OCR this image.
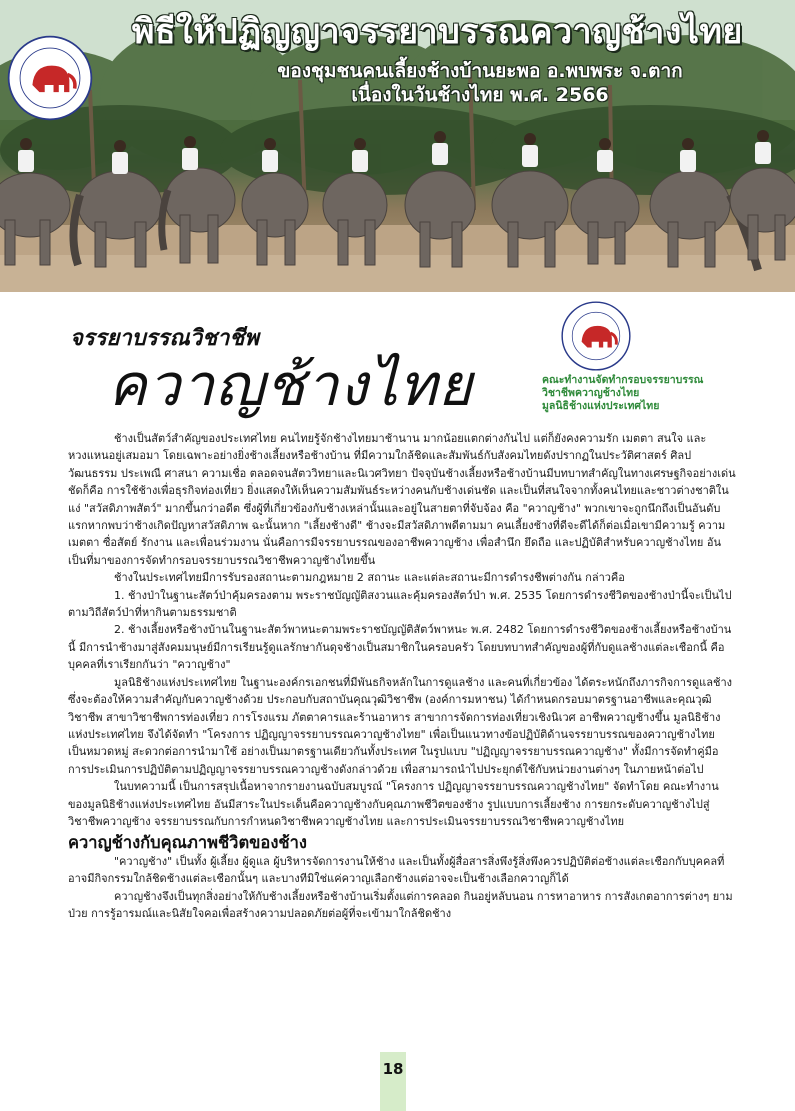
พิธีให้ปฏิญญาจรรยาบรรณควาญช้างไทย
ของชุมชนคนเลี้ยงช้างบ้านยะพอ อ.พบพระ จ.ตาก
เนื่องในวันช้างไทย พ.ศ. 2566
จรรยาบรรณวิชาชีพ
ควาญช้างไทย	คณะทำงานจัดทำกรอบจรรยาบรรณ
วิชาชีพควาญช้างไทย
มูลนิธิช้างแห่งประเทศไทย

ช้างเป็นสัตว์สำคัญของประเทศไทย คนไทยรู้จักช้างไทยมาช้านาน มากน้อยแตกต่างกันไป แต่ก็ยังคงความรัก เมตตา สนใจ และหวงแหนอยู่เสมอมา โดยเฉพาะอย่างยิ่งช้างเลี้ยงหรือช้างบ้าน ที่มีความใกล้ชิดและสัมพันธ์กับสังคมไทยดังปรากฏในประวัติศาสตร์ ศิลปวัฒนธรรม ประเพณี ศาสนา ความเชื่อ ตลอดจนสัตววิทยาและนิเวศวิทยา ปัจจุบันช้างเลี้ยงหรือช้างบ้านมีบทบาทสำคัญในทางเศรษฐกิจอย่างเด่นชัดก็คือ การใช้ช้างเพื่อธุรกิจท่องเที่ยว ยิ่งแสดงให้เห็นความสัมพันธ์ระหว่างคนกับช้างเด่นชัด และเป็นที่สนใจจากทั้งคนไทยและชาวต่างชาติในแง่ "สวัสดิภาพสัตว์" มากขึ้นกว่าอดีต ซึ่งผู้ที่เกี่ยวข้องกับช้างเหล่านั้นและอยู่ในสายตาที่จับจ้อง คือ "ควาญช้าง" พวกเขาจะถูกนึกถึงเป็นอันดับแรกหากพบว่าช้างเกิดปัญหาสวัสดิภาพ ฉะนั้นหาก "เลี้ยงช้างดี" ช้างจะมีสวัสดิภาพดีตามมา คนเลี้ยงช้างที่ดีจะดีได้ก็ต่อเมื่อเขามีความรู้ ความเมตตา ซื่อสัตย์ รักงาน และเพื่อนร่วมงาน นั่นคือการมีจรรยาบรรณของอาชีพควาญช้าง เพื่อสำนึก ยึดถือ และปฏิบัติสำหรับควาญช้างไทย อันเป็นที่มาของการจัดทำกรอบจรรยาบรรณวิชาชีพควาญช้างไทยขึ้น

ช้างในประเทศไทยมีการรับรองสถานะตามกฎหมาย 2 สถานะ และแต่ละสถานะมีการดำรงชีพต่างกัน กล่าวคือ

1. ช้างป่าในฐานะสัตว์ป่าคุ้มครองตาม พระราชบัญญัติสงวนและคุ้มครองสัตว์ป่า พ.ศ. 2535 โดยการดำรงชีวิตของช้างป่านี้จะเป็นไปตามวิถีสัตว์ป่าที่หากินตามธรรมชาติ

2. ช้างเลี้ยงหรือช้างบ้านในฐานะสัตว์พาหนะตามพระราชบัญญัติสัตว์พาหนะ พ.ศ. 2482 โดยการดำรงชีวิตของช้างเลี้ยงหรือช้างบ้านนี้ มีการนำช้างมาสู่สังคมมนุษย์มีการเรียนรู้ดูแลรักษากันดุจช้างเป็นสมาชิกในครอบครัว โดยบทบาทสำคัญของผู้ที่กับดูแลช้างแต่ละเชือกนี้ คือบุคคลที่เราเรียกกันว่า "ควาญช้าง"

มูลนิธิช้างแห่งประเทศไทย ในฐานะองค์กรเอกชนที่มีพันธกิจหลักในการดูแลช้าง และคนที่เกี่ยวข้อง ได้ตระหนักถึงภารกิจการดูแลช้างซึ่งจะต้องให้ความสำคัญกับควาญช้างด้วย ประกอบกับสถาบันคุณวุฒิวิชาชีพ (องค์การมหาชน) ได้กำหนดกรอบมาตรฐานอาชีพและคุณวุฒิวิชาชีพ สาขาวิชาชีพการท่องเที่ยว การโรงแรม ภัตตาคารและร้านอาหาร สาขาการจัดการท่องเที่ยวเชิงนิเวศ อาชีพควาญช้างขึ้น มูลนิธิช้างแห่งประเทศไทย จึงได้จัดทำ "โครงการ ปฏิญญาจรรยาบรรณควาญช้างไทย" เพื่อเป็นแนวทางข้อปฏิบัติด้านจรรยาบรรณของควาญช้างไทย เป็นหมวดหมู่ สะดวกต่อการนำมาใช้ อย่างเป็นมาตรฐานเดียวกันทั้งประเทศ ในรูปแบบ "ปฏิญญาจรรยาบรรณควาญช้าง" ทั้งมีการจัดทำคู่มือการประเมินการปฏิบัติตามปฏิญญาจรรยาบรรณควาญช้างดังกล่าวด้วย เพื่อสามารถนำไปประยุกต์ใช้กับหน่วยงานต่างๆ ในภายหน้าต่อไป

ในบทความนี้ เป็นการสรุปเนื้อหาจากรายงานฉบับสมบูรณ์ "โครงการ ปฏิญญาจรรยาบรรณควาญช้างไทย" จัดทำโดย คณะทำงานของมูลนิธิช้างแห่งประเทศไทย อันมีสาระในประเด็นคือควาญช้างกับคุณภาพชีวิตของช้าง รูปแบบการเลี้ยงช้าง การยกระดับควาญช้างไปสู่วิชาชีพควาญช้าง จรรยาบรรณกับการกำหนดวิชาชีพควาญช้างไทย และการประเมินจรรยาบรรณวิชาชีพควาญช้างไทย

ควาญช้างกับคุณภาพชีวิตของช้าง

"ควาญช้าง" เป็นทั้ง ผู้เลี้ยง ผู้ดูแล ผู้บริหารจัดการงานให้ช้าง และเป็นทั้งผู้สื่อสารสิ่งพึงรู้สิ่งพึงควรปฏิบัติต่อช้างแต่ละเชือกกับบุคคลที่อาจมีกิจกรรมใกล้ชิดช้างแต่ละเชือกนั้นๆ และบางทีมิใช่แค่ควาญเลือกช้างแต่อาจจะเป็นช้างเลือกควาญก็ได้

ควาญช้างจึงเป็นทุกสิ่งอย่างให้กับช้างเลี้ยงหรือช้างบ้านเริ่มตั้งแต่การคลอด กินอยู่หลับนอน การหาอาหาร การสังเกตอาการต่างๆ ยามป่วย การรู้อารมณ์และนิสัยใจคอเพื่อสร้างความปลอดภัยต่อผู้ที่จะเข้ามาใกล้ชิดช้าง

18
